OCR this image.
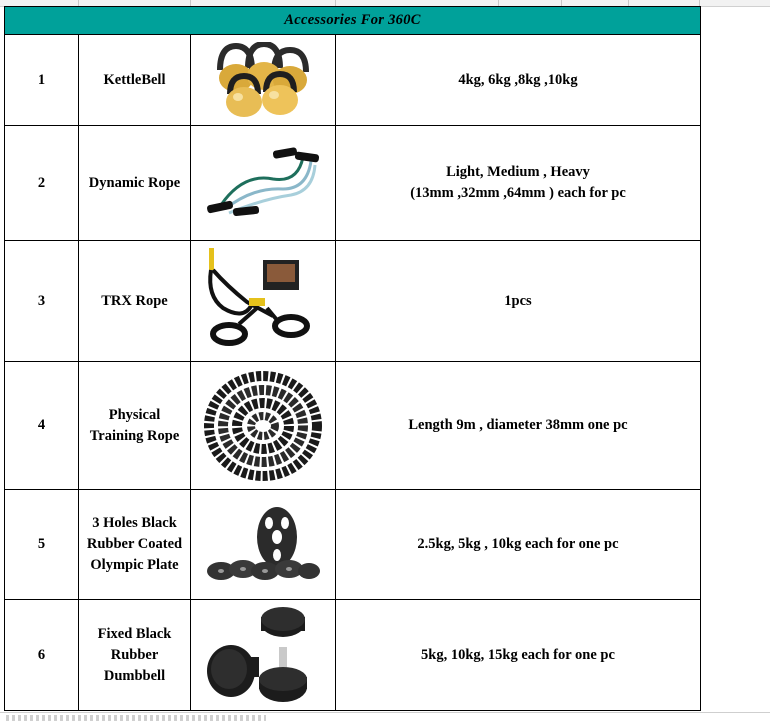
Accessories For 360C			
1	KettleBell		4kg, 6kg ,8kg ,10kg

2	Dynamic Rope		Light, Medium , Heavy
(13mm ,32mm ,64mm ) each for pc

3	TRX Rope		1pcs

4	Physical Training Rope		Length 9m , diameter 38mm one pc

5	3 Holes Black Rubber Coated Olympic Plate		2.5kg, 5kg , 10kg each for one pc

6	Fixed Black Rubber Dumbbell		5kg, 10kg, 15kg each for one pc
